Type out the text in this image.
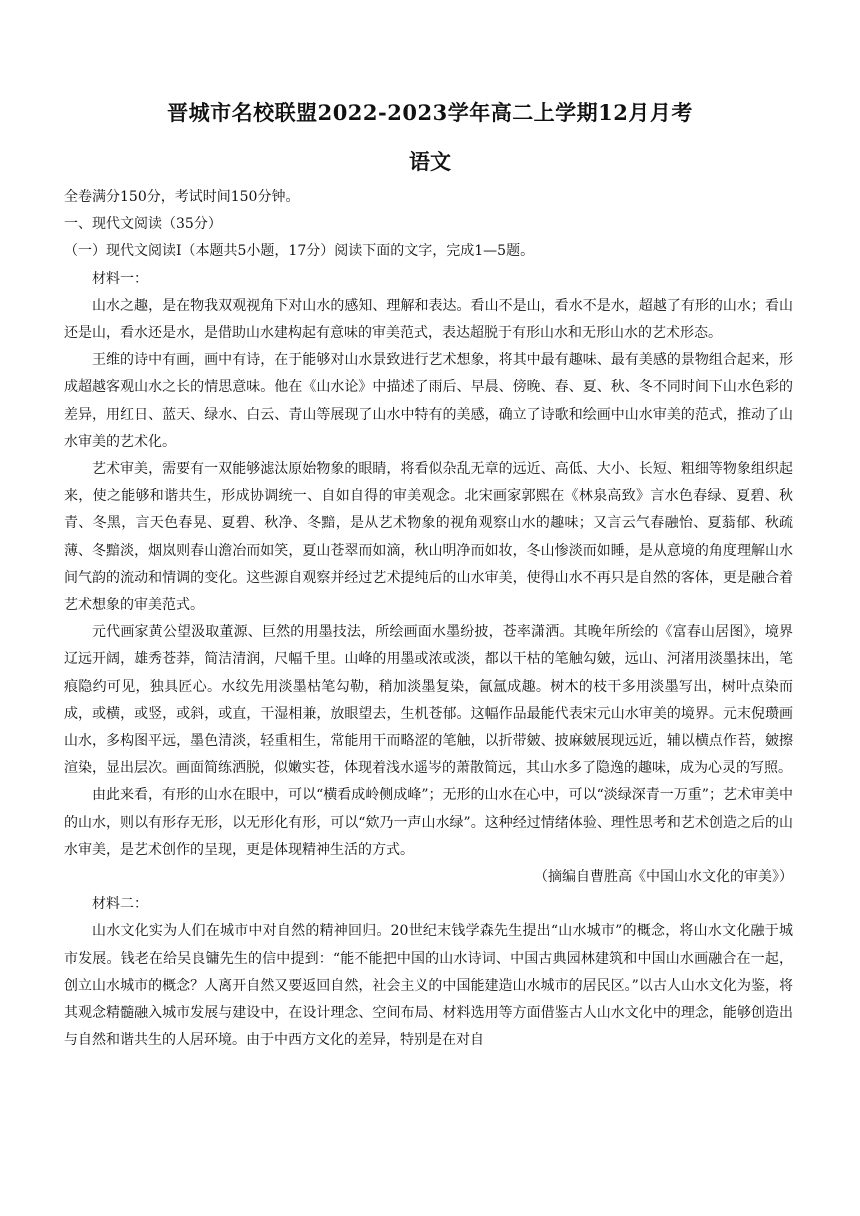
晋城市名校联盟2022-2023学年高二上学期12月月考
语文

全卷满分150分，考试时间150分钟。

一、现代文阅读（35分）

（一）现代文阅读Ⅰ（本题共5小题，17分）阅读下面的文字，完成1—5题。

材料一：

山水之趣，是在物我双观视角下对山水的感知、理解和表达。看山不是山，看水不是水，超越了有形的山水；看山还是山，看水还是水，是借助山水建构起有意味的审美范式，表达超脱于有形山水和无形山水的艺术形态。

王维的诗中有画，画中有诗，在于能够对山水景致进行艺术想象，将其中最有趣味、最有美感的景物组合起来，形成超越客观山水之长的情思意味。他在《山水论》中描述了雨后、早晨、傍晚、春、夏、秋、冬不同时间下山水色彩的差异，用红日、蓝天、绿水、白云、青山等展现了山水中特有的美感，确立了诗歌和绘画中山水审美的范式，推动了山水审美的艺术化。

艺术审美，需要有一双能够滤汰原始物象的眼睛，将看似杂乱无章的远近、高低、大小、长短、粗细等物象组织起来，使之能够和谐共生，形成协调统一、自如自得的审美观念。北宋画家郭熙在《林泉高致》言水色春绿、夏碧、秋青、冬黑，言天色春晃、夏碧、秋净、冬黯，是从艺术物象的视角观察山水的趣味；又言云气春融怡、夏蓊郁、秋疏薄、冬黯淡，烟岚则春山澹冶而如笑，夏山苍翠而如滴，秋山明净而如妆，冬山惨淡而如睡，是从意境的角度理解山水间气韵的流动和情调的变化。这些源自观察并经过艺术提纯后的山水审美，使得山水不再只是自然的客体，更是融合着艺术想象的审美范式。

元代画家黄公望汲取董源、巨然的用墨技法，所绘画面水墨纷披，苍率潇洒。其晚年所绘的《富春山居图》，境界辽远开阔，雄秀苍莽，简洁清润，尺幅千里。山峰的用墨或浓或淡，都以干枯的笔触勾皴，远山、河渚用淡墨抹出，笔痕隐约可见，独具匠心。水纹先用淡墨枯笔勾勒，稍加淡墨复染，氤氲成趣。树木的枝干多用淡墨写出，树叶点染而成，或横，或竖，或斜，或直，干湿相兼，放眼望去，生机苍郁。这幅作品最能代表宋元山水审美的境界。元末倪瓒画山水，多构图平远，墨色清淡，轻重相生，常能用干而略涩的笔触，以折带皴、披麻皴展现远近，辅以横点作苔，皴擦渲染，显出层次。画面简练洒脱，似嫩实苍，体现着浅水遥岑的萧散简远，其山水多了隐逸的趣味，成为心灵的写照。

由此来看，有形的山水在眼中，可以“横看成岭侧成峰”；无形的山水在心中，可以“淡绿深青一万重”；艺术审美中的山水，则以有形存无形，以无形化有形，可以“欸乃一声山水绿”。这种经过情绪体验、理性思考和艺术创造之后的山水审美，是艺术创作的呈现，更是体现精神生活的方式。

（摘编自曹胜高《中国山水文化的审美》）

材料二：

山水文化实为人们在城市中对自然的精神回归。20世纪末钱学森先生提出“山水城市”的概念，将山水文化融于城市发展。钱老在给吴良镛先生的信中提到：“能不能把中国的山水诗词、中国古典园林建筑和中国山水画融合在一起，创立山水城市的概念？人离开自然又要返回自然，社会主义的中国能建造山水城市的居民区。”以古人山水文化为鉴，将其观念精髓融入城市发展与建设中，在设计理念、空间布局、材料选用等方面借鉴古人山水文化中的理念，能够创造出与自然和谐共生的人居环境。由于中西方文化的差异，特别是在对自
